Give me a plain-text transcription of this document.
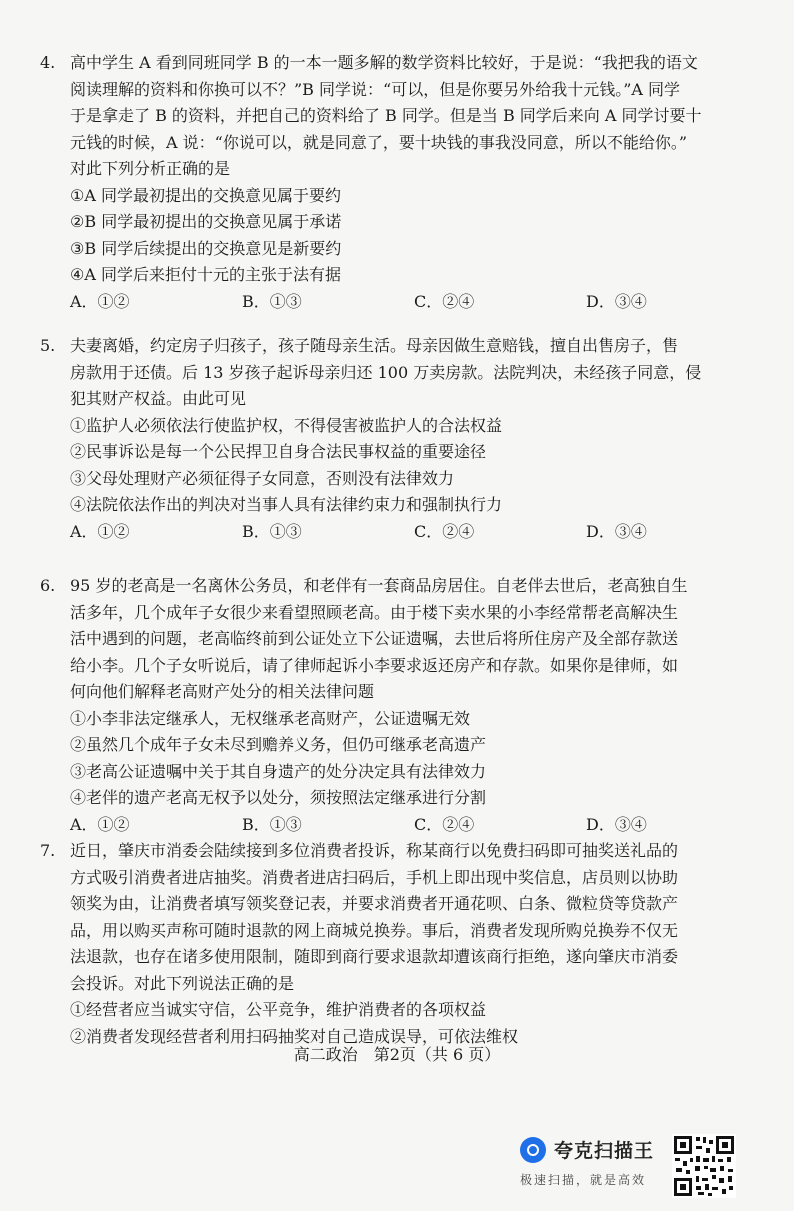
4. 高中学生 A 看到同班同学 B 的一本一题多解的数学资料比较好，于是说：“我把我的语文
阅读理解的资料和你换可以不？”B 同学说：“可以，但是你要另外给我十元钱。”A 同学
于是拿走了 B 的资料，并把自己的资料给了 B 同学。但是当 B 同学后来向 A 同学讨要十
元钱的时候，A 说：“你说可以，就是同意了，要十块钱的事我没同意，所以不能给你。”
对此下列分析正确的是
①A 同学最初提出的交换意见属于要约
②B 同学最初提出的交换意见属于承诺
③B 同学后续提出的交换意见是新要约
④A 同学后来拒付十元的主张于法有据
A．①②	B．①③	C．②④	D．③④
5. 夫妻离婚，约定房子归孩子，孩子随母亲生活。母亲因做生意赔钱，擅自出售房子，售
房款用于还债。后 13 岁孩子起诉母亲归还 100 万卖房款。法院判决，未经孩子同意，侵
犯其财产权益。由此可见
①监护人必须依法行使监护权，不得侵害被监护人的合法权益
②民事诉讼是每一个公民捍卫自身合法民事权益的重要途径
③父母处理财产必须征得子女同意，否则没有法律效力
④法院依法作出的判决对当事人具有法律约束力和强制执行力
A．①②	B．①③	C．②④	D．③④
6. 95 岁的老高是一名离休公务员，和老伴有一套商品房居住。自老伴去世后，老高独自生
活多年，几个成年子女很少来看望照顾老高。由于楼下卖水果的小李经常帮老高解决生
活中遇到的问题，老高临终前到公证处立下公证遗嘱，去世后将所住房产及全部存款送
给小李。几个子女听说后，请了律师起诉小李要求返还房产和存款。如果你是律师，如
何向他们解释老高财产处分的相关法律问题
①小李非法定继承人，无权继承老高财产，公证遗嘱无效
②虽然几个成年子女未尽到赡养义务，但仍可继承老高遗产
③老高公证遗嘱中关于其自身遗产的处分决定具有法律效力
④老伴的遗产老高无权予以处分，须按照法定继承进行分割
A．①②	B．①③	C．②④	D．③④
7. 近日，肇庆市消委会陆续接到多位消费者投诉，称某商行以免费扫码即可抽奖送礼品的
方式吸引消费者进店抽奖。消费者进店扫码后，手机上即出现中奖信息，店员则以协助
领奖为由，让消费者填写领奖登记表，并要求消费者开通花呗、白条、微粒贷等贷款产
品，用以购买声称可随时退款的网上商城兑换券。事后，消费者发现所购兑换券不仅无
法退款，也存在诸多使用限制，随即到商行要求退款却遭该商行拒绝，遂向肇庆市消委
会投诉。对此下列说法正确的是
①经营者应当诚实守信，公平竞争，维护消费者的各项权益
②消费者发现经营者利用扫码抽奖对自己造成误导，可依法维权
高二政治　第2页（共 6 页）
夸克扫描王
极速扫描，就是高效
